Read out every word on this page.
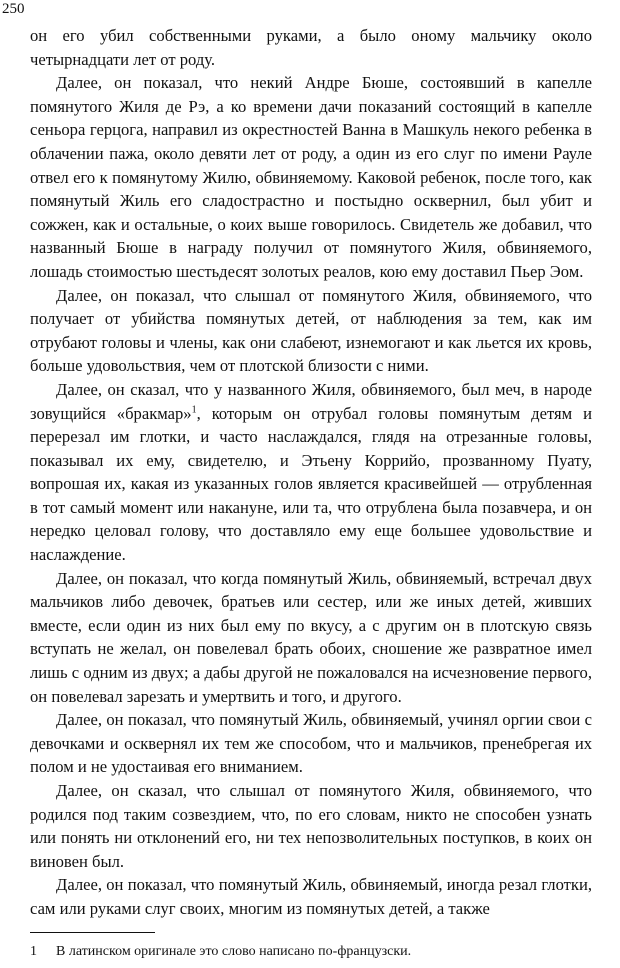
250

он его убил собственными руками, а было оному мальчику около четырнадцати лет от роду.

Далее, он показал, что некий Андре Бюше, состоявший в капелле помянутого Жиля де Рэ, а ко времени дачи показаний состоящий в капелле сеньора герцога, направил из окрестностей Ванна в Машкуль некого ребенка в облачении пажа, около девяти лет от роду, а один из его слуг по имени Рауле отвел его к помянутому Жилю, обвиняемому. Каковой ребенок, после того, как помянутый Жиль его сладострастно и постыдно осквернил, был убит и сожжен, как и остальные, о коих выше говорилось. Свидетель же добавил, что названный Бюше в награду получил от помянутого Жиля, обвиняемого, лошадь стоимостью шестьдесят золотых реалов, кою ему доставил Пьер Эом.

Далее, он показал, что слышал от помянутого Жиля, обвиняемого, что получает от убийства помянутых детей, от наблюдения за тем, как им отрубают головы и члены, как они слабеют, изнемогают и как льется их кровь, больше удовольствия, чем от плотской близости с ними.

Далее, он сказал, что у названного Жиля, обвиняемого, был меч, в народе зовущийся «бракмар»$^1$, которым он отрубал головы помянутым детям и перерезал им глотки, и часто наслаждался, глядя на отрезанные головы, показывал их ему, свидетелю, и Этьену Коррийо, прозванному Пуату, вопрошая их, какая из указанных голов является красивейшей — отрубленная в тот самый момент или накануне, или та, что отрублена была позавчера, и он нередко целовал голову, что доставляло ему еще большее удовольствие и наслаждение.

Далее, он показал, что когда помянутый Жиль, обвиняемый, встречал двух мальчиков либо девочек, братьев или сестер, или же иных детей, живших вместе, если один из них был ему по вкусу, а с другим он в плотскую связь вступать не желал, он повелевал брать обоих, сношение же развратное имел лишь с одним из двух; а дабы другой не пожаловался на исчезновение первого, он повелевал зарезать и умертвить и того, и другого.

Далее, он показал, что помянутый Жиль, обвиняемый, учинял оргии свои с девочками и осквернял их тем же способом, что и мальчиков, пренебрегая их полом и не удостаивая его вниманием.

Далее, он сказал, что слышал от помянутого Жиля, обвиняемого, что родился под таким созвездием, что, по его словам, никто не способен узнать или понять ни отклонений его, ни тех непозволительных поступков, в коих он виновен был.

Далее, он показал, что помянутый Жиль, обвиняемый, иногда резал глотки, сам или руками слуг своих, многим из помянутых детей, а также

1 В латинском оригинале это слово написано по-французски.
